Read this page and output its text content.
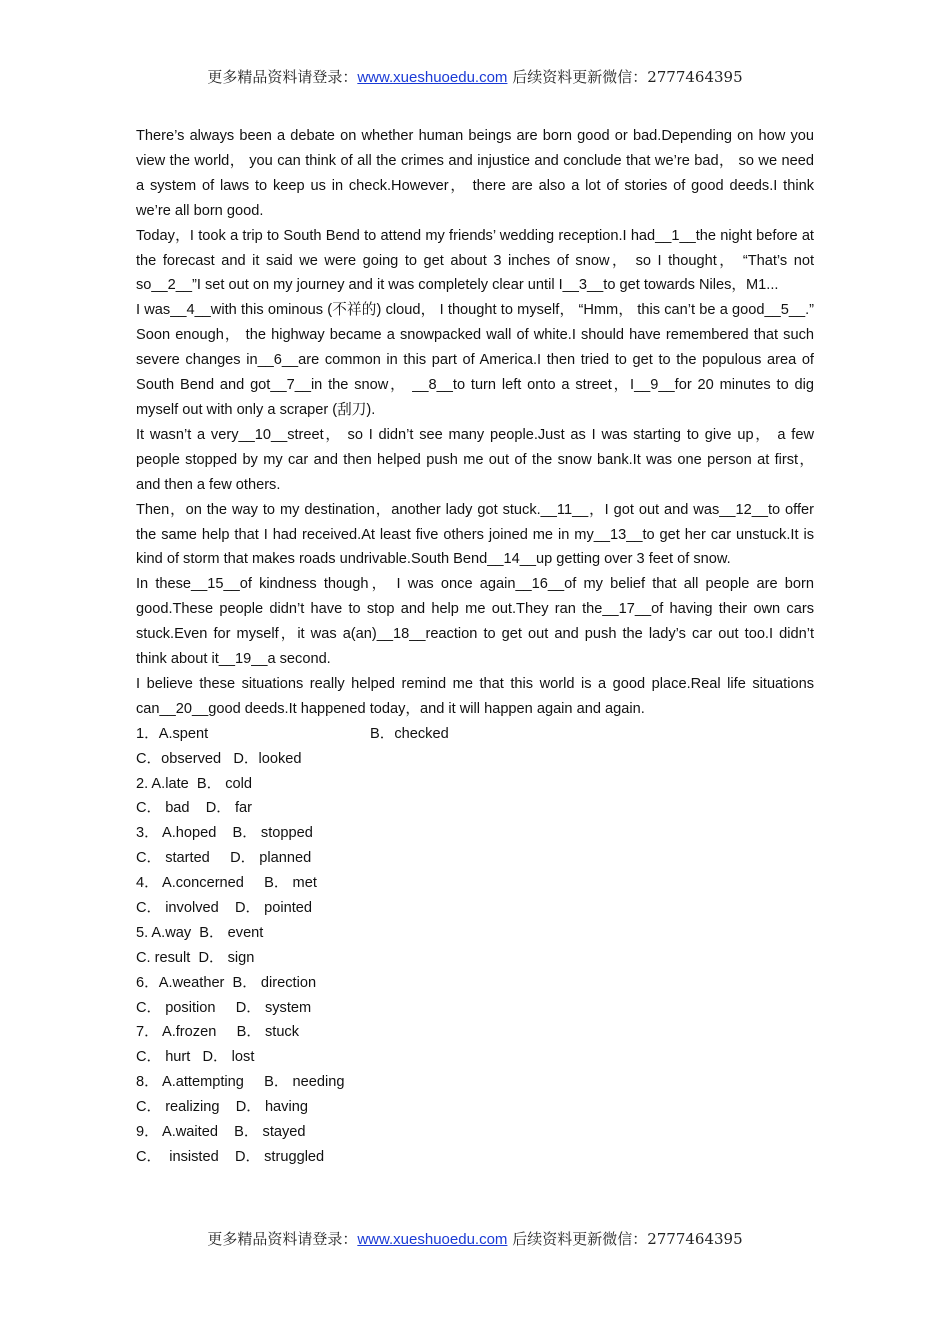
更多精品资料请登录：www.xueshuoedu.com 后续资料更新微信：2777464395

There’s always been a debate on whether human beings are born good or bad.Depending on how you view the world， you can think of all the crimes and injustice and conclude that we’re bad， so we need a system of laws to keep us in check.However， there are also a lot of stories of good deeds.I think we’re all born good.

Today，I took a trip to South Bend to attend my friends’ wedding reception.I had__1__the night before at the forecast and it said we were going to get about 3 inches of snow， so I thought， “That’s not so__2__”I set out on my journey and it was completely clear until I__3__to get towards Niles，M1...

I was__4__with this ominous (不祥的) cloud， I thought to myself， “Hmm， this can’t be a good__5__.” Soon enough， the highway became a snowpacked wall of white.I should have remembered that such severe changes in__6__are common in this part of America.I then tried to get to the populous area of South Bend and got__7__in the snow， __8__to turn left onto a street，I__9__for 20 minutes to dig myself out with only a scraper (刮刀).

It wasn’t a very__10__street， so I didn’t see many people.Just as I was starting to give up， a few people stopped by my car and then helped push me out of the snow bank.It was one person at first， and then a few others.

Then，on the way to my destination，another lady got stuck.__11__，I got out and was__12__to offer the same help that I had received.At least five others joined me in my__13__to get her car unstuck.It is kind of storm that makes roads undrivable.South Bend__14__up getting over 3 feet of snow.

In these__15__of kindness though， I was once again__16__of my belief that all people are born good.These people didn’t have to stop and help me out.They ran the__17__of having their own cars stuck.Even for myself，it was a(an)__18__reaction to get out and push the lady’s car out too.I didn’t think about it__19__a second.

I believe these situations really helped remind me that this world is a good place.Real life situations can__20__good deeds.It happened today，and it will happen again and again.

1．A.spent	B．checked
C．observed   D．looked
2. A.late  B． cold
C． bad    D． far
3． A.hoped    B． stopped
C． started     D． planned
4． A.concerned     B． met
C． involved    D． pointed
5. A.way  B． event
C. result  D． sign
6．A.weather  B． direction
C． position     D． system
7． A.frozen     B． stuck
C． hurt   D． lost
8． A.attempting     B． needing
C． realizing    D． having
9． A.waited    B． stayed
C．  insisted    D． struggled
更多精品资料请登录：www.xueshuoedu.com 后续资料更新微信：2777464395
